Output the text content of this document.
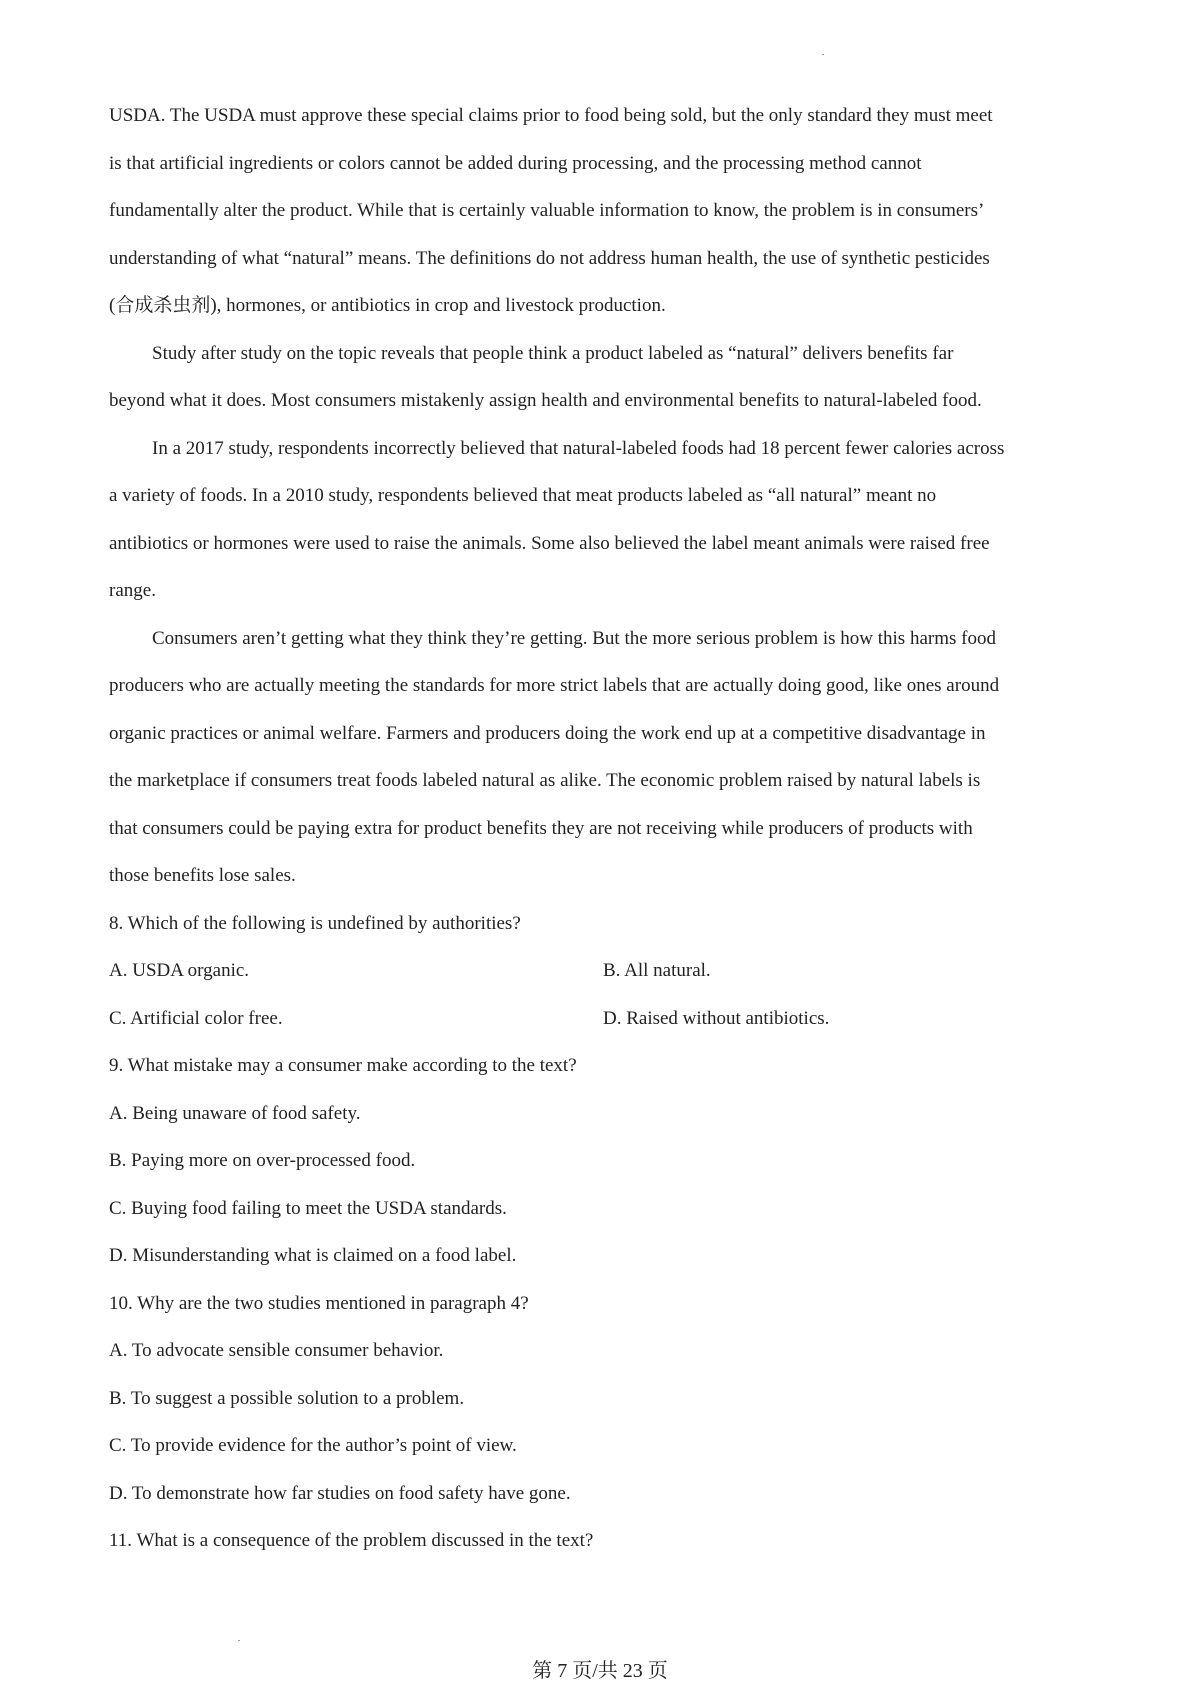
USDA. The USDA must approve these special claims prior to food being sold, but the only standard they must meet

is that artificial ingredients or colors cannot be added during processing, and the processing method cannot

fundamentally alter the product. While that is certainly valuable information to know, the problem is in consumers’

understanding of what “natural” means. The definitions do not address human health, the use of synthetic pesticides

(合成杀虫剂), hormones, or antibiotics in crop and livestock production.

Study after study on the topic reveals that people think a product labeled as “natural” delivers benefits far

beyond what it does. Most consumers mistakenly assign health and environmental benefits to natural-labeled food.

In a 2017 study, respondents incorrectly believed that natural-labeled foods had 18 percent fewer calories across

a variety of foods. In a 2010 study, respondents believed that meat products labeled as “all natural” meant no

antibiotics or hormones were used to raise the animals. Some also believed the label meant animals were raised free

range.

Consumers aren’t getting what they think they’re getting. But the more serious problem is how this harms food

producers who are actually meeting the standards for more strict labels that are actually doing good, like ones around

organic practices or animal welfare. Farmers and producers doing the work end up at a competitive disadvantage in

the marketplace if consumers treat foods labeled natural as alike. The economic problem raised by natural labels is

that consumers could be paying extra for product benefits they are not receiving while producers of products with

those benefits lose sales.

8. Which of the following is undefined by authorities?

A. USDA organic.	B. All natural.
C. Artificial color free.	D. Raised without antibiotics.

9. What mistake may a consumer make according to the text?

A. Being unaware of food safety.

B. Paying more on over-processed food.

C. Buying food failing to meet the USDA standards.

D. Misunderstanding what is claimed on a food label.

10. Why are the two studies mentioned in paragraph 4?

A. To advocate sensible consumer behavior.

B. To suggest a possible solution to a problem.

C. To provide evidence for the author’s point of view.

D. To demonstrate how far studies on food safety have gone.

11. What is a consequence of the problem discussed in the text?

第 7 页/共 23 页
